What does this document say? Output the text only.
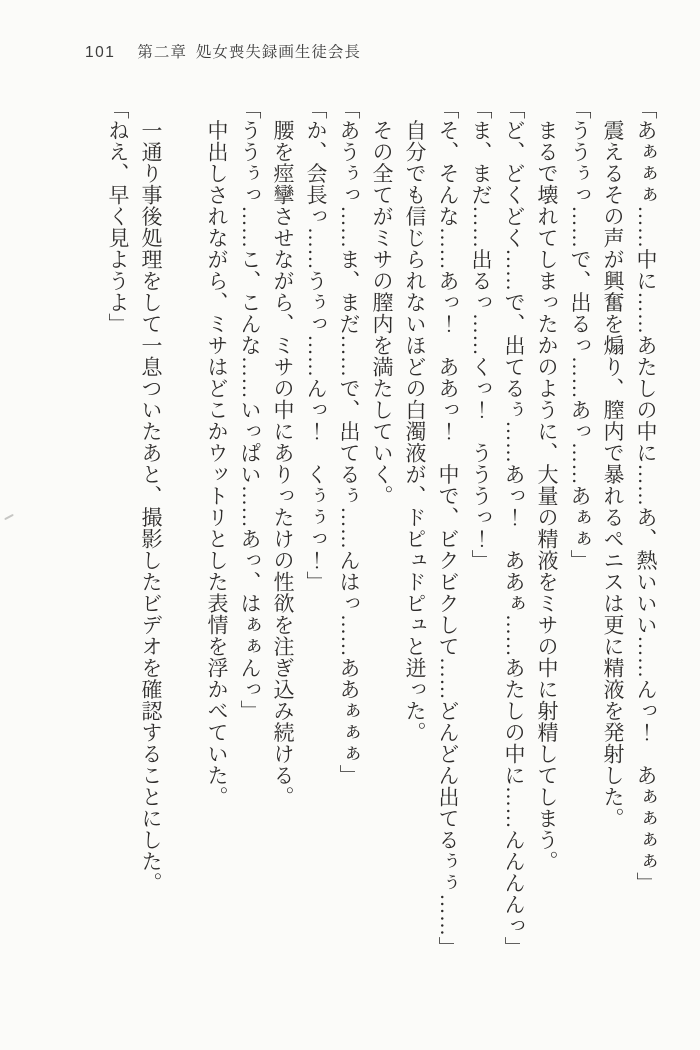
101 第二章 処女喪失録画生徒会長

「あぁぁぁ……中に……あたしの中に……あ、熱いいい……んっ！　あぁぁぁぁ」

　震えるその声が興奮を煽り、膣内で暴れるペニスは更に精液を発射した。

「ううぅっ……で、出るっ……あっ……あぁぁ」

　まるで壊れてしまったかのように、大量の精液をミサの中に射精してしまう。

「ど、どくどく……で、出てるぅ……あっ！　ああぁ……あたしの中に……んんんんっ」

「ま、まだ……出るっ……くっ！　うううっ！」

「そ、そんな……あっ！　ああっ！　中で、ビクビクして……どんどん出てるぅぅ……」

　自分でも信じられないほどの白濁液が、ドピュドピュと迸った。

　その全てがミサの膣内を満たしていく。

「あうぅっ……ま、まだ……で、出てるぅ……んはっ……ああぁぁぁ」

「か、会長っ……うぅっ……んっ！　くぅぅっ！」

　腰を痙攣させながら、ミサの中にありったけの性欲を注ぎ込み続ける。

「ううぅっ……こ、こんな……いっぱい……あっ、はぁぁんっ」

　中出しされながら、ミサはどこかウットリとした表情を浮かべていた。

　一通り事後処理をして一息ついたあと、撮影したビデオを確認することにした。

「ねえ、早く見ようよ」
